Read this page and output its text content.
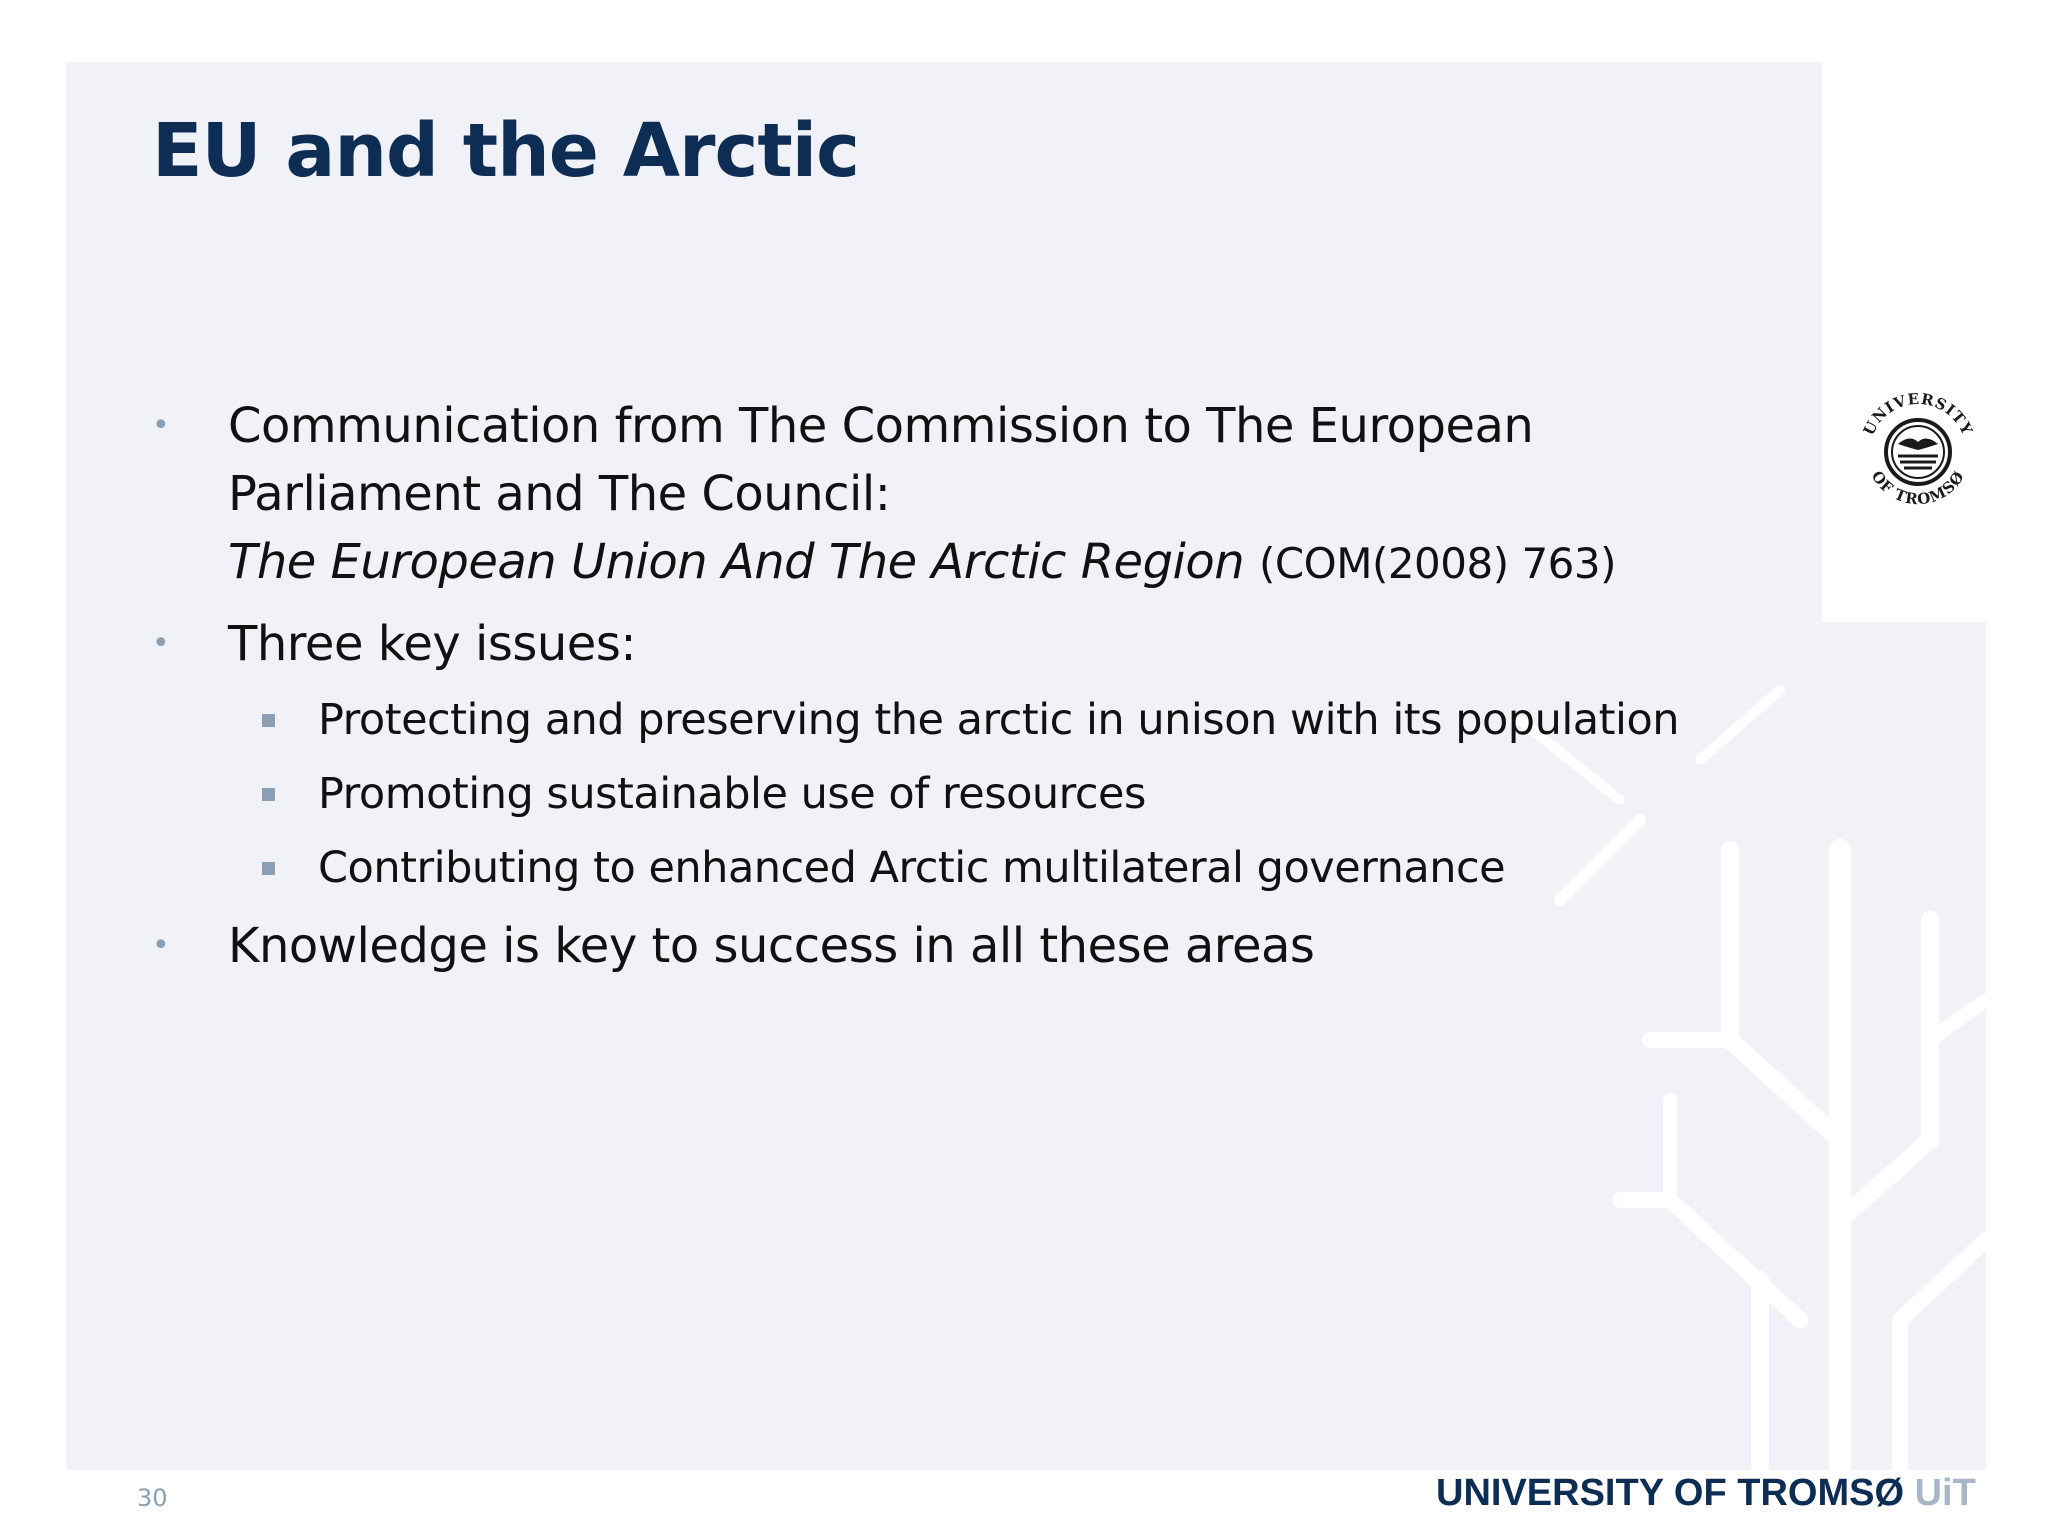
EU and the Arctic
• Communication from The Commission to The European
Parliament and The Council:
The European Union And The Arctic Region (COM(2008) 763)
• Three key issues:
Protecting and preserving the arctic in unison with its population
Promoting sustainable use of resources
Contributing to enhanced Arctic multilateral governance
• Knowledge is key to success in all these areas
UNIVERSITY
OF TROMSØ
30	UNIVERSITY OF TROMSØ UiT
